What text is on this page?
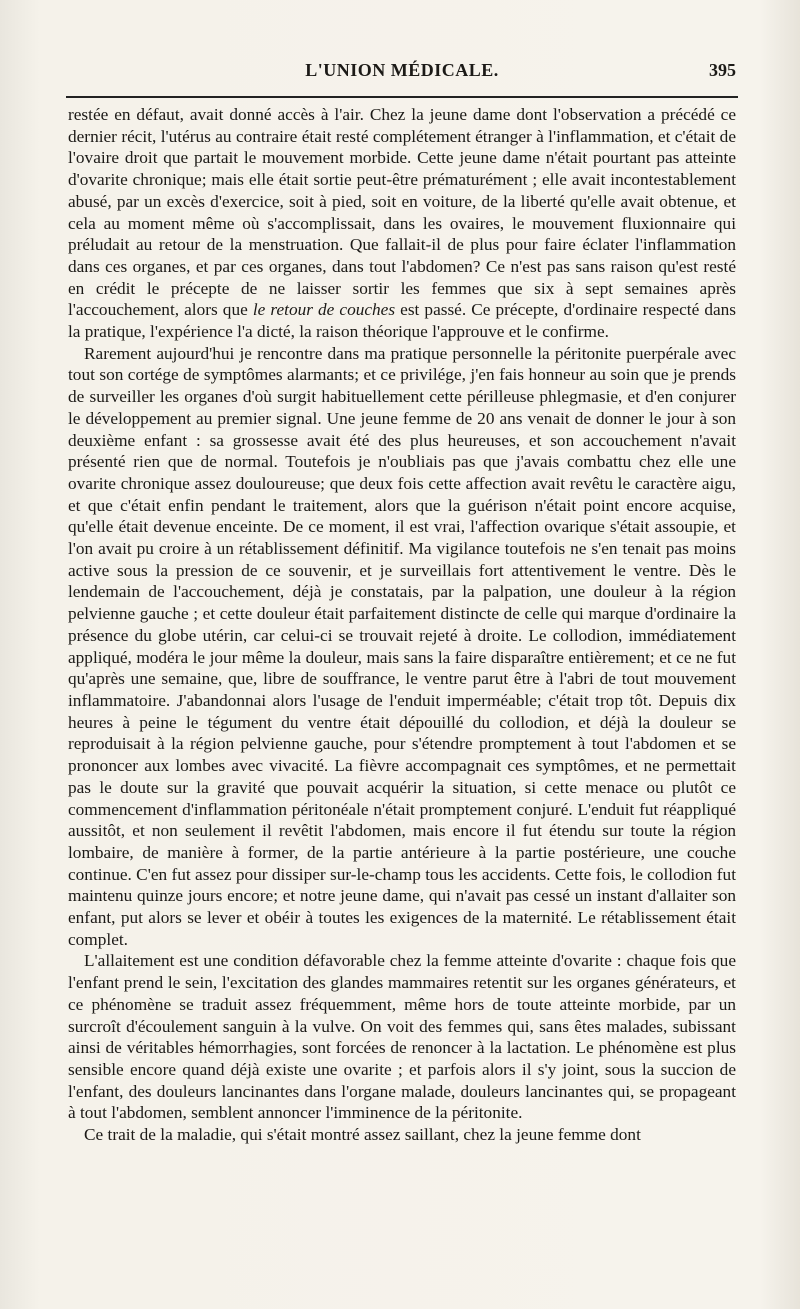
L'UNION MÉDICALE.	395

restée en défaut, avait donné accès à l'air. Chez la jeune dame dont l'observation a précédé ce dernier récit, l'utérus au contraire était resté complétement étranger à l'inflammation, et c'était de l'ovaire droit que partait le mouvement morbide. Cette jeune dame n'était pourtant pas atteinte d'ovarite chronique; mais elle était sortie peut-être prématurément ; elle avait incontestablement abusé, par un excès d'exercice, soit à pied, soit en voiture, de la liberté qu'elle avait obtenue, et cela au moment même où s'accomplissait, dans les ovaires, le mouvement fluxionnaire qui préludait au retour de la menstruation. Que fallait-il de plus pour faire éclater l'inflammation dans ces organes, et par ces organes, dans tout l'abdomen? Ce n'est pas sans raison qu'est resté en crédit le précepte de ne laisser sortir les femmes que six à sept semaines après l'accouchement, alors que le retour de couches est passé. Ce précepte, d'ordinaire respecté dans la pratique, l'expérience l'a dicté, la raison théorique l'approuve et le confirme.

Rarement aujourd'hui je rencontre dans ma pratique personnelle la péritonite puerpérale avec tout son cortége de symptômes alarmants; et ce privilége, j'en fais honneur au soin que je prends de surveiller les organes d'où surgit habituellement cette périlleuse phlegmasie, et d'en conjurer le développement au premier signal. Une jeune femme de 20 ans venait de donner le jour à son deuxième enfant : sa grossesse avait été des plus heureuses, et son accouchement n'avait présenté rien que de normal. Toutefois je n'oubliais pas que j'avais combattu chez elle une ovarite chronique assez douloureuse; que deux fois cette affection avait revêtu le caractère aigu, et que c'était enfin pendant le traitement, alors que la guérison n'était point encore acquise, qu'elle était devenue enceinte. De ce moment, il est vrai, l'affection ovarique s'était assoupie, et l'on avait pu croire à un rétablissement définitif. Ma vigilance toutefois ne s'en tenait pas moins active sous la pression de ce souvenir, et je surveillais fort attentivement le ventre. Dès le lendemain de l'accouchement, déjà je constatais, par la palpation, une douleur à la région pelvienne gauche ; et cette douleur était parfaitement distincte de celle qui marque d'ordinaire la présence du globe utérin, car celui-ci se trouvait rejeté à droite. Le collodion, immédiatement appliqué, modéra le jour même la douleur, mais sans la faire disparaître entièrement; et ce ne fut qu'après une semaine, que, libre de souffrance, le ventre parut être à l'abri de tout mouvement inflammatoire. J'abandonnai alors l'usage de l'enduit imperméable; c'était trop tôt. Depuis dix heures à peine le tégument du ventre était dépouillé du collodion, et déjà la douleur se reproduisait à la région pelvienne gauche, pour s'étendre promptement à tout l'abdomen et se prononcer aux lombes avec vivacité. La fièvre accompagnait ces symptômes, et ne permettait pas le doute sur la gravité que pouvait acquérir la situation, si cette menace ou plutôt ce commencement d'inflammation péritonéale n'était promptement conjuré. L'enduit fut réappliqué aussitôt, et non seulement il revêtit l'abdomen, mais encore il fut étendu sur toute la région lombaire, de manière à former, de la partie antérieure à la partie postérieure, une couche continue. C'en fut assez pour dissiper sur-le-champ tous les accidents. Cette fois, le collodion fut maintenu quinze jours encore; et notre jeune dame, qui n'avait pas cessé un instant d'allaiter son enfant, put alors se lever et obéir à toutes les exigences de la maternité. Le rétablissement était complet.

L'allaitement est une condition défavorable chez la femme atteinte d'ovarite : chaque fois que l'enfant prend le sein, l'excitation des glandes mammaires retentit sur les organes générateurs, et ce phénomène se traduit assez fréquemment, même hors de toute atteinte morbide, par un surcroît d'écoulement sanguin à la vulve. On voit des femmes qui, sans êtes malades, subissant ainsi de véritables hémorrhagies, sont forcées de renoncer à la lactation. Le phénomène est plus sensible encore quand déjà existe une ovarite ; et parfois alors il s'y joint, sous la succion de l'enfant, des douleurs lancinantes dans l'organe malade, douleurs lancinantes qui, se propageant à tout l'abdomen, semblent annoncer l'imminence de la péritonite.

Ce trait de la maladie, qui s'était montré assez saillant, chez la jeune femme dont
